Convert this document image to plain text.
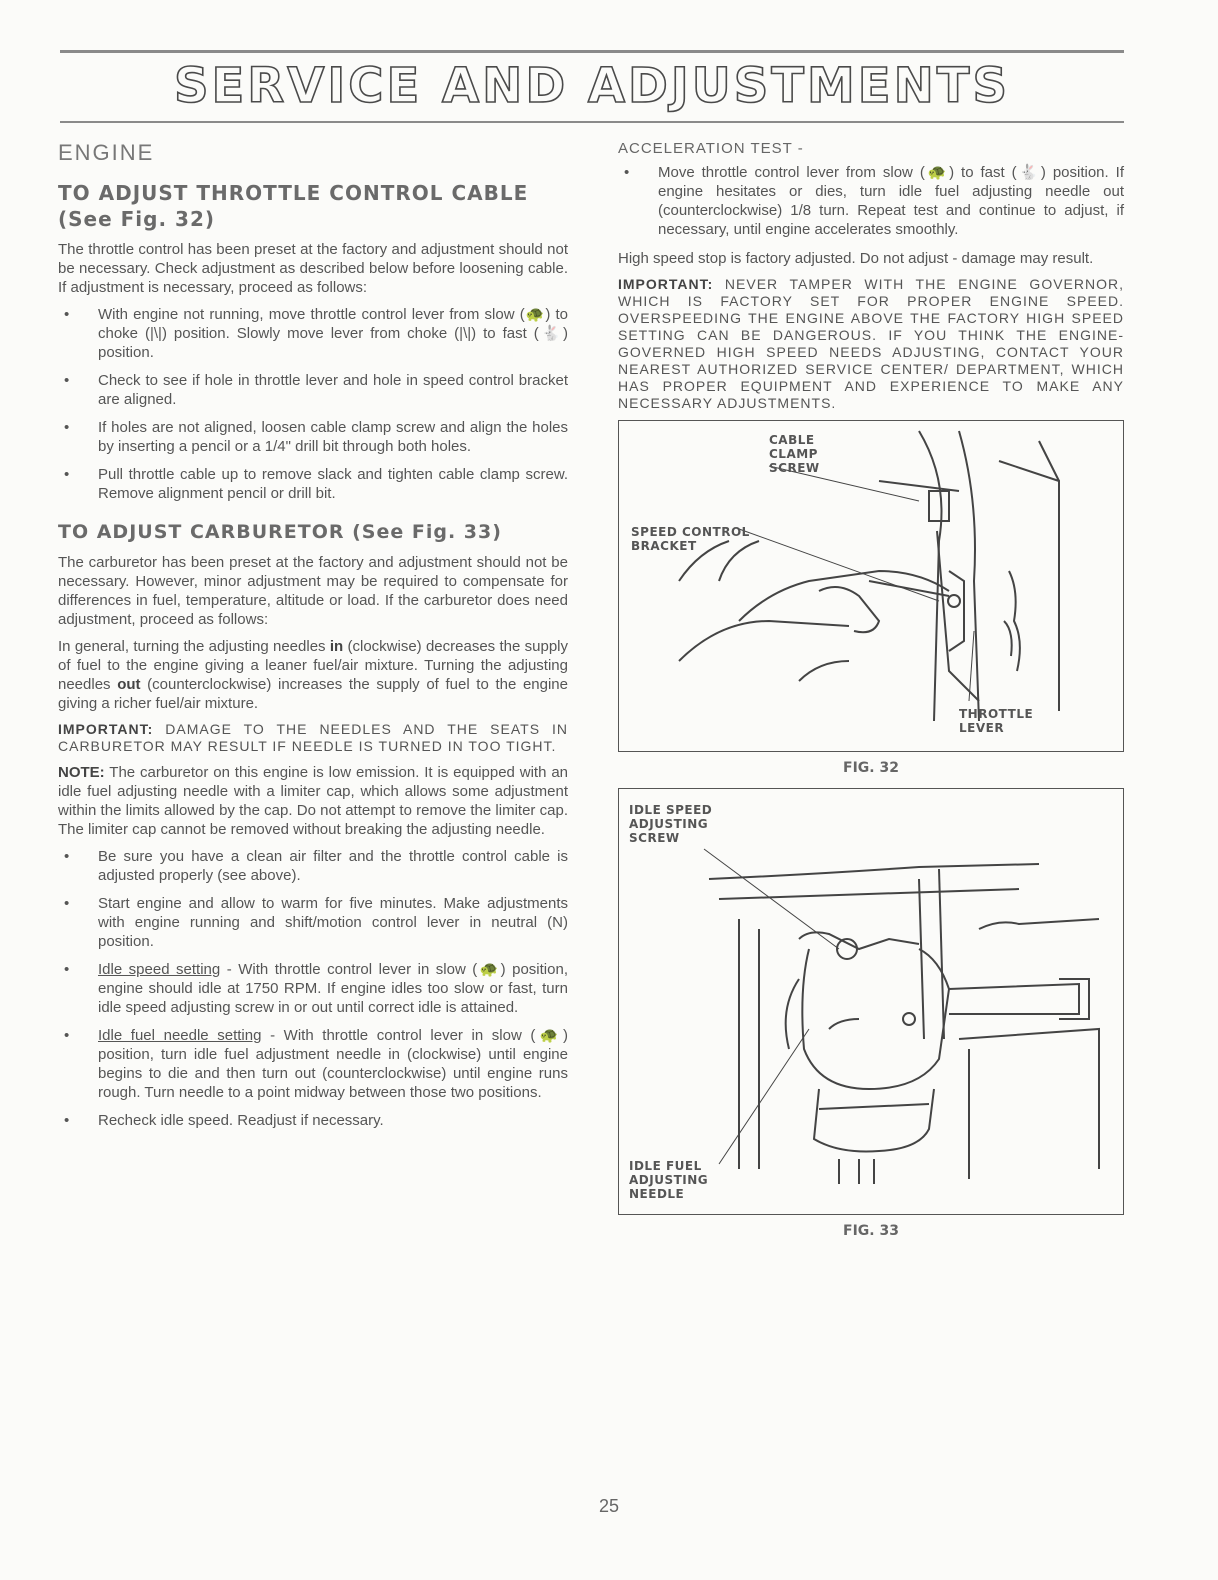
SERVICE AND ADJUSTMENTS
ENGINE
TO ADJUST THROTTLE CONTROL CABLE (See Fig. 32)

The throttle control has been preset at the factory and adjustment should not be necessary. Check adjustment as described below before loosening cable. If adjustment is necessary, proceed as follows:

• With engine not running, move throttle control lever from slow (🐢) to choke (|\|) position. Slowly move lever from choke (|\|) to fast (🐇) position.
• Check to see if hole in throttle lever and hole in speed control bracket are aligned.
• If holes are not aligned, loosen cable clamp screw and align the holes by inserting a pencil or a 1/4" drill bit through both holes.
• Pull throttle cable up to remove slack and tighten cable clamp screw. Remove alignment pencil or drill bit.
TO ADJUST CARBURETOR (See Fig. 33)

The carburetor has been preset at the factory and adjustment should not be necessary. However, minor adjustment may be required to compensate for differences in fuel, temperature, altitude or load. If the carburetor does need adjustment, proceed as follows:

In general, turning the adjusting needles in (clockwise) decreases the supply of fuel to the engine giving a leaner fuel/air mixture. Turning the adjusting needles out (counterclockwise) increases the supply of fuel to the engine giving a richer fuel/air mixture.

IMPORTANT: DAMAGE TO THE NEEDLES AND THE SEATS IN CARBURETOR MAY RESULT IF NEEDLE IS TURNED IN TOO TIGHT.

NOTE: The carburetor on this engine is low emission. It is equipped with an idle fuel adjusting needle with a limiter cap, which allows some adjustment within the limits allowed by the cap. Do not attempt to remove the limiter cap. The limiter cap cannot be removed without breaking the adjusting needle.

• Be sure you have a clean air filter and the throttle control cable is adjusted properly (see above).
• Start engine and allow to warm for five minutes. Make adjustments with engine running and shift/motion control lever in neutral (N) position.
• Idle speed setting - With throttle control lever in slow (🐢) position, engine should idle at 1750 RPM. If engine idles too slow or fast, turn idle speed adjusting screw in or out until correct idle is attained.
• Idle fuel needle setting - With throttle control lever in slow (🐢) position, turn idle fuel adjustment needle in (clockwise) until engine begins to die and then turn out (counterclockwise) until engine runs rough. Turn needle to a point midway between those two positions.
• Recheck idle speed. Readjust if necessary.
ACCELERATION TEST -
• Move throttle control lever from slow (🐢) to fast (🐇) position. If engine hesitates or dies, turn idle fuel adjusting needle out (counterclockwise) 1/8 turn. Repeat test and continue to adjust, if necessary, until engine accelerates smoothly.

High speed stop is factory adjusted. Do not adjust - damage may result.

IMPORTANT: NEVER TAMPER WITH THE ENGINE GOVERNOR, WHICH IS FACTORY SET FOR PROPER ENGINE SPEED. OVERSPEEDING THE ENGINE ABOVE THE FACTORY HIGH SPEED SETTING CAN BE DANGEROUS. IF YOU THINK THE ENGINE-GOVERNED HIGH SPEED NEEDS ADJUSTING, CONTACT YOUR NEAREST AUTHORIZED SERVICE CENTER/ DEPARTMENT, WHICH HAS PROPER EQUIPMENT AND EXPERIENCE TO MAKE ANY NECESSARY ADJUSTMENTS.

CABLE
CLAMP
SCREW
SPEED CONTROL
BRACKET
THROTTLE
LEVER
FIG. 32
IDLE SPEED
ADJUSTING
SCREW
IDLE FUEL
ADJUSTING
NEEDLE
FIG. 33
25
